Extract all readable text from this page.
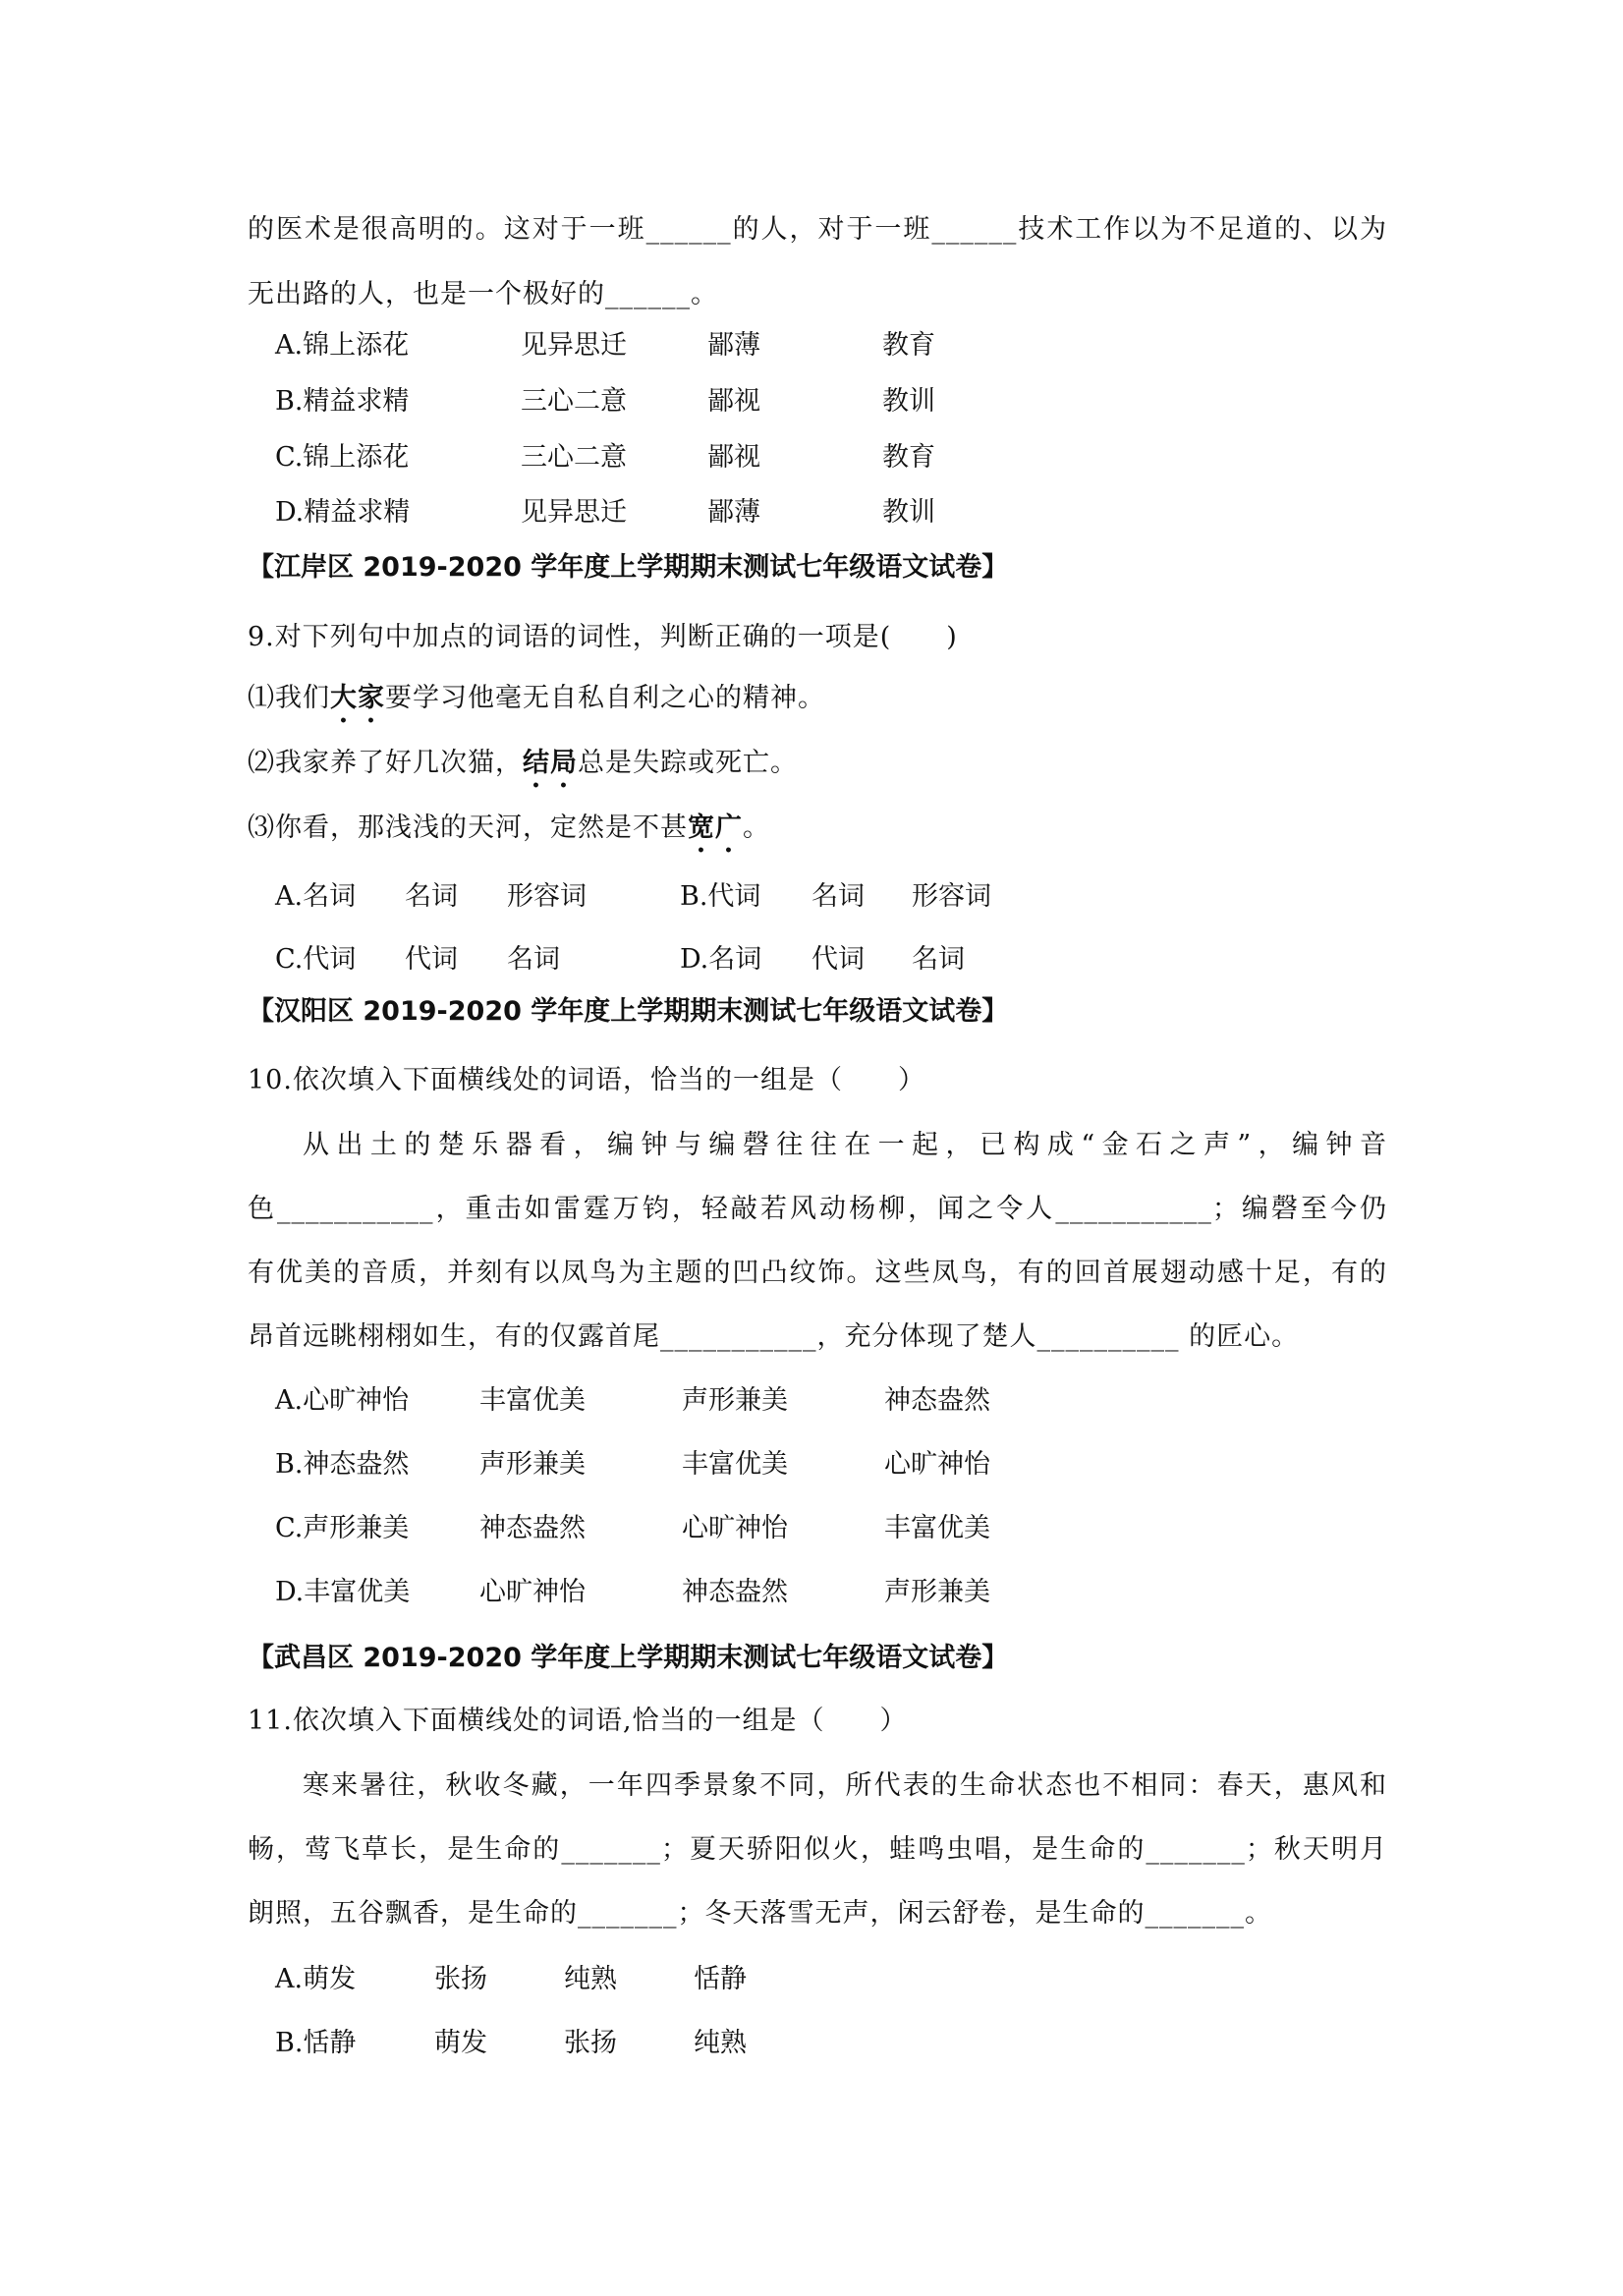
的医术是很高明的。这对于一班______的人，对于一班______技术工作以为不足道的、以为
无出路的人，也是一个极好的______。
A.锦上添花	见异思迁	鄙薄	教育
B.精益求精	三心二意	鄙视	教训
C.锦上添花	三心二意	鄙视	教育
D.精益求精	见异思迁	鄙薄	教训
【江岸区 2019-2020 学年度上学期期末测试七年级语文试卷】
9.对下列句中加点的词语的词性，判断正确的一项是(　　)
⑴我们大家要学习他毫无自私自利之心的精神。
⑵我家养了好几次猫，结局总是失踪或死亡。
⑶你看，那浅浅的天河，定然是不甚宽广。
A.名词 名词 形容词	B.代词 名词 形容词
C.代词 代词 名词	D.名词 代词 名词
【汉阳区 2019-2020 学年度上学期期末测试七年级语文试卷】
10.依次填入下面横线处的词语，恰当的一组是（　　）
从出土的楚乐器看，编钟与编磬往往在一起，已构成“金石之声”，编钟音
色___________，重击如雷霆万钧，轻敲若风动杨柳，闻之令人___________；编磬至今仍
有优美的音质，并刻有以凤鸟为主题的凹凸纹饰。这些凤鸟，有的回首展翅动感十足，有的
昂首远眺栩栩如生，有的仅露首尾___________，充分体现了楚人__________ 的匠心。
A.心旷神怡	丰富优美	声形兼美	神态盎然
B.神态盎然	声形兼美	丰富优美	心旷神怡
C.声形兼美	神态盎然	心旷神怡	丰富优美
D.丰富优美	心旷神怡	神态盎然	声形兼美
【武昌区 2019-2020 学年度上学期期末测试七年级语文试卷】
11.依次填入下面横线处的词语,恰当的一组是（　　）
寒来暑往，秋收冬藏，一年四季景象不同，所代表的生命状态也不相同：春天，惠风和
畅，莺飞草长，是生命的_______；夏天骄阳似火，蛙鸣虫唱，是生命的_______；秋天明月
朗照，五谷飘香，是生命的_______；冬天落雪无声，闲云舒卷，是生命的_______。
A.萌发	张扬	纯熟	恬静
B.恬静	萌发	张扬	纯熟
